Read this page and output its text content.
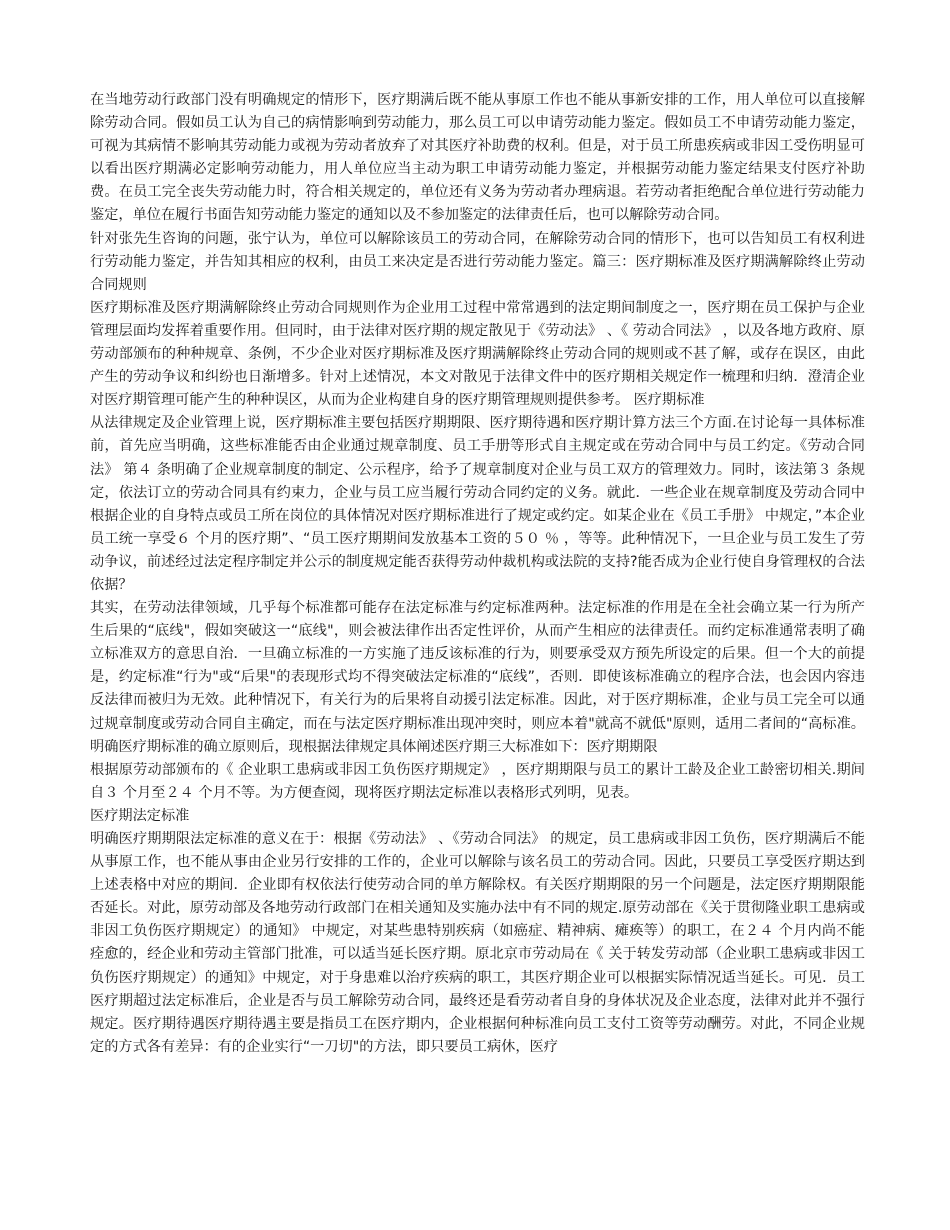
在当地劳动行政部门没有明确规定的情形下，医疗期满后既不能从事原工作也不能从事新安排的工作，用人单位可以直接解除劳动合同。假如员工认为自己的病情影响到劳动能力，那么员工可以申请劳动能力鉴定。假如员工不申请劳动能力鉴定，可视为其病情不影响其劳动能力或视为劳动者放弃了对其医疗补助费的权利。但是，对于员工所患疾病或非因工受伤明显可以看出医疗期满必定影响劳动能力，用人单位应当主动为职工申请劳动能力鉴定，并根据劳动能力鉴定结果支付医疗补助费。在员工完全丧失劳动能力时，符合相关规定的，单位还有义务为劳动者办理病退。若劳动者拒绝配合单位进行劳动能力鉴定，单位在履行书面告知劳动能力鉴定的通知以及不参加鉴定的法律责任后，也可以解除劳动合同。

针对张先生咨询的问题，张宁认为，单位可以解除该员工的劳动合同，在解除劳动合同的情形下，也可以告知员工有权利进行劳动能力鉴定，并告知其相应的权利，由员工来决定是否进行劳动能力鉴定。篇三：医疗期标准及医疗期满解除终止劳动合同规则

医疗期标准及医疗期满解除终止劳动合同规则作为企业用工过程中常常遇到的法定期间制度之一，医疗期在员工保护与企业管理层面均发挥着重要作用。但同时，由于法律对医疗期的规定散见于《劳动法》 、《 劳动合同法》 ，以及各地方政府、原劳动部颁布的种种规章、条例，不少企业对医疗期标准及医疗期满解除终止劳动合同的规则或不甚了解，或存在误区，由此产生的劳动争议和纠纷也日渐增多。针对上述情况，本文对散见于法律文件中的医疗期相关规定作一梳理和归纳．澄清企业对医疗期管理可能产生的种种误区，从而为企业构建自身的医疗期管理规则提供参考。 医疗期标准

从法律规定及企业管理上说，医疗期标准主要包括医疗期期限、医疗期待遇和医疗期计算方法三个方面.在讨论每一具体标准前，首先应当明确，这些标准能否由企业通过规章制度、员工手册等形式自主规定或在劳动合同中与员工约定。《劳动合同法》 第４ 条明确了企业规章制度的制定、公示程序，给予了规章制度对企业与员工双方的管理效力。同时，该法第３ 条规定，依法订立的劳动合同具有约束力，企业与员工应当履行劳动合同约定的义务。就此．一些企业在规章制度及劳动合同中根据企业的自身特点或员工所在岗位的具体情况对医疗期标准进行了规定或约定。如某企业在《员工手册》 中规定，”本企业员工统一享受６ 个月的医疗期”、“员工医疗期期间发放基本工资的５０ ％ ，等等。此种情况下，一旦企业与员工发生了劳动争议，前述经过法定程序制定并公示的制度规定能否获得劳动仲裁机构或法院的支持?能否成为企业行使自身管理权的合法依据？

其实，在劳动法律领域，几乎每个标准都可能存在法定标准与约定标准两种。法定标准的作用是在全社会确立某一行为所产生后果的“底线"，假如突破这一“底线"，则会被法律作出否定性评价，从而产生相应的法律责任。而约定标准通常表明了确立标准双方的意思自治．一旦确立标准的一方实施了违反该标准的行为，则要承受双方预先所设定的后果。但一个大的前提是，约定标准“行为"或“后果"的表现形式均不得突破法定标准的“底线”，否则．即使该标准确立的程序合法，也会因内容违反法律而被归为无效。此种情况下，有关行为的后果将自动援引法定标准。因此，对于医疗期标准，企业与员工完全可以通过规章制度或劳动合同自主确定，而在与法定医疗期标准出现冲突时，则应本着"就高不就低"原则，适用二者间的“高标准。明确医疗期标准的确立原则后，现根据法律规定具体阐述医疗期三大标准如下：医疗期期限

根据原劳动部颁布的《 企业职工患病或非因工负伤医疗期规定》 ，医疗期期限与员工的累计工龄及企业工龄密切相关.期间自３ 个月至２４ 个月不等。为方便查阅，现将医疗期法定标准以表格形式列明，见表。

医疗期法定标准

明确医疗期期限法定标准的意义在于：根据《劳动法》 、《劳动合同法》 的规定，员工患病或非因工负伤，医疗期满后不能从事原工作，也不能从事由企业另行安排的工作的，企业可以解除与该名员工的劳动合同。因此，只要员工享受医疗期达到上述表格中对应的期间．企业即有权依法行使劳动合同的单方解除权。有关医疗期期限的另一个问题是，法定医疗期期限能否延长。对此，原劳动部及各地劳动行政部门在相关通知及实施办法中有不同的规定.原劳动部在《关于贯彻隆业职工患病或非因工负伤医疗期规定）的通知》 中规定，对某些患特别疾病（如癌症、精神病、瘫痪等）的职工，在２４ 个月内尚不能痊愈的，经企业和劳动主管部门批准，可以适当延长医疗期。原北京市劳动局在《 关于转发劳动部（企业职工患病或非因工负伤医疗期规定）的通知》中规定，对于身患难以治疗疾病的职工，其医疗期企业可以根据实际情况适当延长。可见．员工医疗期超过法定标准后，企业是否与员工解除劳动合同，最终还是看劳动者自身的身体状况及企业态度，法律对此并不强行规定。医疗期待遇医疗期待遇主要是指员工在医疗期内，企业根据何种标准向员工支付工资等劳动酬劳。对此，不同企业规定的方式各有差异：有的企业实行“一刀切"的方法，即只要员工病休，医疗
